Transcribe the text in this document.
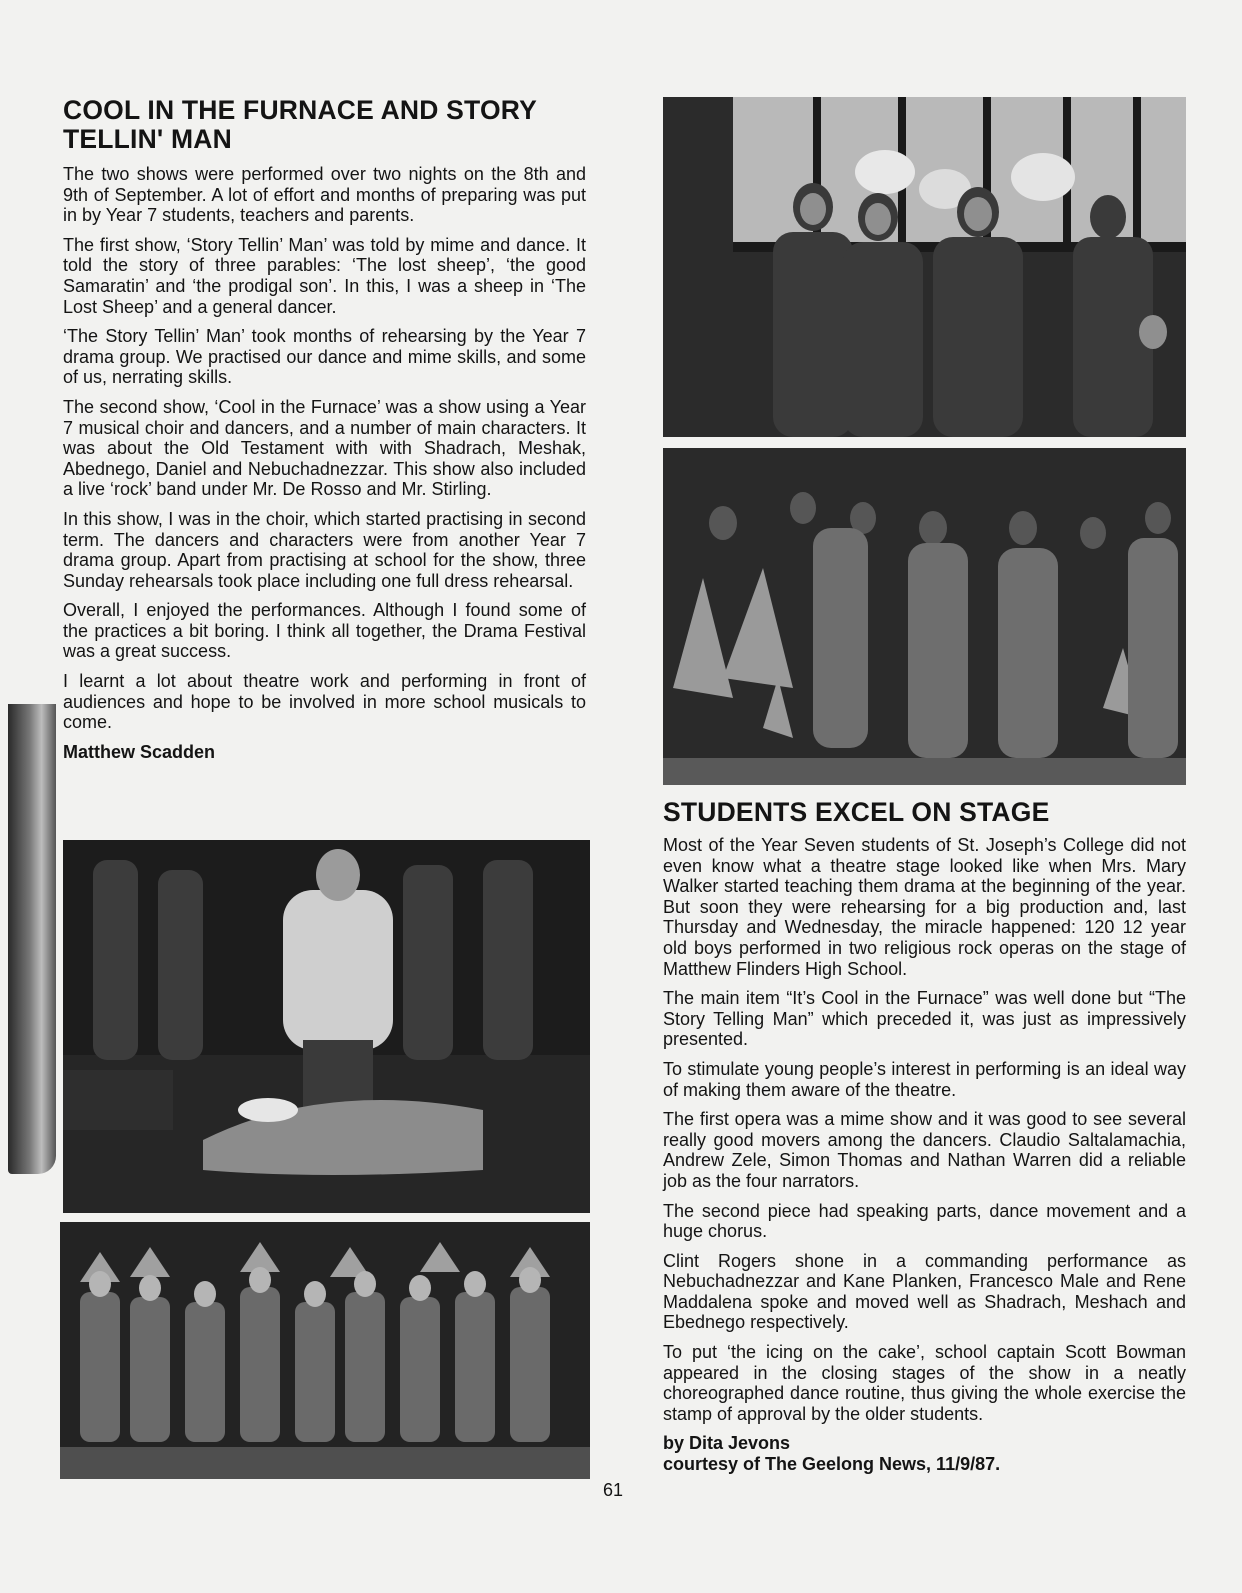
COOL IN THE FURNACE AND STORY TELLIN' MAN

The two shows were performed over two nights on the 8th and 9th of September. A lot of effort and months of preparing was put in by Year 7 students, teachers and parents.

The first show, ‘Story Tellin’ Man’ was told by mime and dance. It told the story of three parables: ‘The lost sheep’, ‘the good Samaratin’ and ‘the prodigal son’. In this, I was a sheep in ‘The Lost Sheep’ and a general dancer.

‘The Story Tellin’ Man’ took months of rehearsing by the Year 7 drama group. We practised our dance and mime skills, and some of us, nerrating skills.

The second show, ‘Cool in the Furnace’ was a show using a Year 7 musical choir and dancers, and a number of main characters. It was about the Old Testament with with Shadrach, Meshak, Abednego, Daniel and Nebuchadnezzar. This show also included a live ‘rock’ band under Mr. De Rosso and Mr. Stirling.

In this show, I was in the choir, which started practising in second term. The dancers and characters were from another Year 7 drama group. Apart from practising at school for the show, three Sunday rehearsals took place including one full dress rehearsal.

Overall, I enjoyed the performances. Although I found some of the practices a bit boring. I think all together, the Drama Festival was a great success.

I learnt a lot about theatre work and performing in front of audiences and hope to be involved in more school musicals to come.

Matthew Scadden
STUDENTS EXCEL ON STAGE

Most of the Year Seven students of St. Joseph’s College did not even know what a theatre stage looked like when Mrs. Mary Walker started teaching them drama at the beginning of the year. But soon they were rehearsing for a big production and, last Thursday and Wednesday, the miracle happened: 120 12 year old boys performed in two religious rock operas on the stage of Matthew Flinders High School.

The main item “It’s Cool in the Furnace” was well done but “The Story Telling Man” which preceded it, was just as impressively presented.

To stimulate young people’s interest in performing is an ideal way of making them aware of the theatre.

The first opera was a mime show and it was good to see several really good movers among the dancers. Claudio Saltalamachia, Andrew Zele, Simon Thomas and Nathan Warren did a reliable job as the four narrators.

The second piece had speaking parts, dance movement and a huge chorus.

Clint Rogers shone in a commanding performance as Nebuchadnezzar and Kane Planken, Francesco Male and Rene Maddalena spoke and moved well as Shadrach, Meshach and Ebednego respectively.

To put ‘the icing on the cake’, school captain Scott Bowman appeared in the closing stages of the show in a neatly choreographed dance routine, thus giving the whole exercise the stamp of approval by the older students.

by Dita Jevons
courtesy of The Geelong News, 11/9/87.
61
